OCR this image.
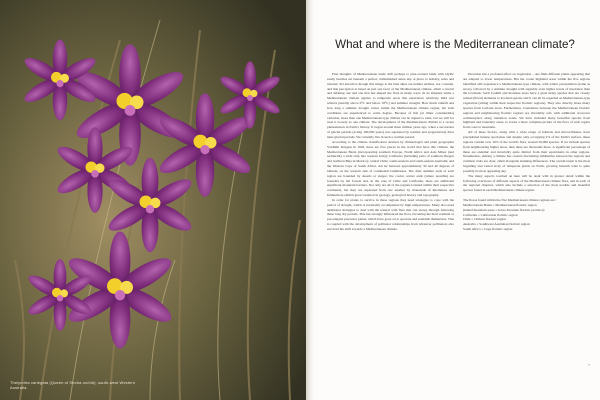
Thelymitra variegata (Queen of Sheba orchid), south-west Western Australia.
What and where is the Mediterranean climate?

First thoughts of Mediterranean lands drift perhaps to pine-scented lands with idyllic sandy beaches set beneath a perfect, unblemished azure sky. A place to holiday, relax and unwind. Yet attractive though this image is the blue skies are neither endless, nor constant, and this perception is based on just one facet of the Mediterranean climate, albeit a crucial and defining one and one that has shaped the flora in many ways. In its simplest terms a Mediterranean climate applies to temperate areas that experience relatively mild wet winters (usually above 0°C and below 18°C) and summer drought. How much rainfall and how long a summer drought varies within the Mediterranean climate region, but both conditions are experienced to some degree. Because of this (at times considerable) variation, more than one Mediterranean-type climate can be argued to exist, but we will for treat it loosely as one climate. The development of the Mediterranean climate is a recent phenomenon in Earth's history. It began around three million years ago, when a succession of glacial periods (acting 100,000 years) was separated by warmer and progressively drier inter-glacial periods. We currently live in such a warmer period.

According to the climate classification devised by climatologist and plant geographer Vladimir Köppen in 1918, there are five places in the world that have this climate: the Mediterranean Basin (incorporating southern Europe, North Africa and Asia Minor (and technically a wide strip into western Iran)); California (including parts of southern Oregon and northern Baja in Mexico); central Chile; south-western and south-eastern Australia; and the Western Cape of South Africa. All lie between approximately 30 and 40 degrees of latitude, on the western side of continental landmasses. The drier summer ends of each region are bounded by deserts or steppe; the cooler, wetter ends (where possible) are bounded by tall forests and, in the case of Chile and California, there are additional significant mountain barriers. Not only are all of the regions isolated within their respective continents, but they are separated from one another by thousands of kilometres and furthermore exhibit great variation in geology, geological history and topography.

In order for plants to survive in these regions they need strategies to cope with the period of drought, which is invariably accompanied by high temperatures. Many also need additional strategies to deal with the natural wild fires that can sweep through following these long dry periods. This has strongly influenced the flora, favouring the most resilient or pre-adapted precursor plants, which have gone on to speciate and establish themselves. This is coupled with the development of pollinator relationships from whatever pollinators also survived the shift towards a Mediterranean climate.

Elevation has a profound effect on vegetation – one finds different plants appearing that are adapted to lower temperatures. But the cooler highland areas within the five regions identified still experience a Mediterranean-type climate, with winter precipitation (some as snow), followed by a summer drought with arguably even higher levels of insolation than the lowlands. Such foothill and montane areas have a great many species that are closely related (floral) elements to lowland species and it can all be regarded as Mediterranean-type vegetation (sitting within their respective floristic regions). They also directly share many species from lowland areas. Furthermore, boundaries between the Mediterranean floristic regions and neighbouring floristic regions are invariably soft, with additional crossover commonplace along transition zones. We have included many beautiful species from highland and boundary areas, to create a more complete picture of the flora of each region from coast to mountain.

All of these factors, along with a wide range of habitats and microclimates, have precipitated intense speciation and despite only occupying 2% of the Earth's surface, these regions contain over 10% of the world's flora, around 50,000 species. If we include species from neighbouring higher areas, then there are thousands more. A significant percentage of these are endemic and invariably quite distinct from their equivalents in other regions. Nonetheless, sharing a climate has created fascinating similarities between the regions and common traits are clear, albeit alongside stunning differences. The overall result is the most beguiling and varied array of temperate plants on Earth, growing beneath what is quite possibly its most appealing sky.

The many aspects touched on here will be dealt with in greater detail within the following overviews of different aspects of the Mediterranean climate flora, and in each of the regional chapters, which also include a selection of the most notable and beautiful species found in each Mediterranean climate region.

The floras found within the five Mediterranean climate regions are:

Mediterranean Basin = Mediterranean floristic region
(inland mountain areas = Irano-Turanian floristic province)
California = Californian floristic region
Chile = Chilean floristic region
Australia = Southwest Australian floristic region
South Africa = Cape floristic region
7
